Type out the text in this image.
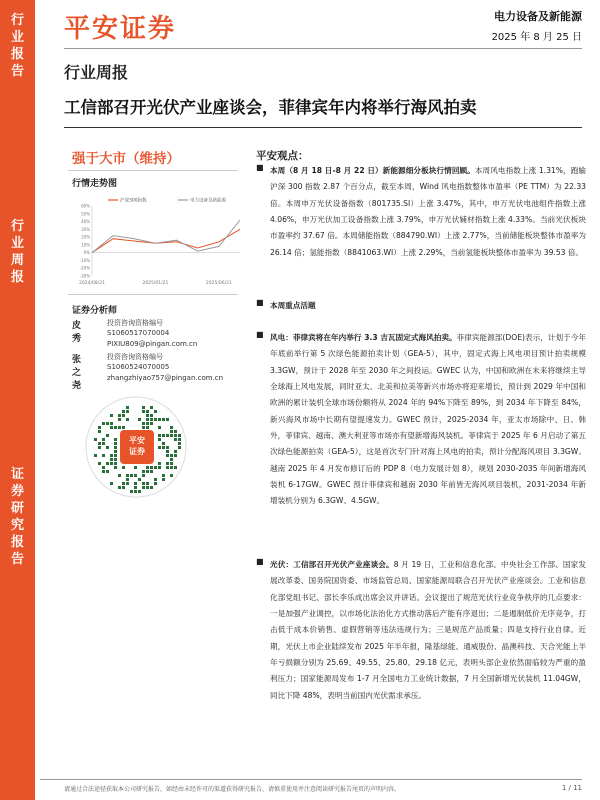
行
业
报
告
行
业
周
报
证
券
研
究
报
告
平安证券	电力设备及新能源
2025 年 8 月 25 日
行业周报
工信部召开光伏产业座谈会，菲律宾年内将举行海风拍卖
强于大市（维持）
行情走势图
60%
50%
40%
30%
20%
10%
0%
-10%
-20%
-30%
2024/08/21	2025/01/21	2025/06/21
沪深300指数	电力设备及新能源
证券分析师
皮秀
投资咨询资格编号
S1060517070004
PIXIU809@pingan.com.cn
张之尧
投资咨询资格编号
S1060524070005
zhangzhiyao757@pingan.com.cn
平安
证券
平安观点：
■ 本周（8 月 18 日-8 月 22 日）新能源细分板块行情回顾。本周风电指数上涨 1.31%，跑输沪深 300 指数 2.87 个百分点，截至本周，Wind 风电指数整体市盈率（PE TTM）为 22.33 倍。本周申万光伏设备指数（801735.SI）上涨 3.47%，其中，申万光伏电池组件指数上涨 4.06%，申万光伏加工设备指数上涨 3.79%，申万光伏辅材指数上涨 4.33%。当前光伏板块市盈率约 37.67 倍。本周储能指数（884790.WI）上涨 2.77%，当前储能板块整体市盈率为 26.14 倍；氢能指数（8841063.WI）上涨 2.29%，当前氢能板块整体市盈率为 39.53 倍。
■ 本周重点活题
■ 风电：菲律宾将在年内举行 3.3 吉瓦固定式海风拍卖。菲律宾能源部(DOE)表示，计划于今年年底前举行第 5 次绿色能源拍卖计划（GEA-5），其中，固定式海上风电项目预计拍卖规模 3.3GW，预计于 2028 年至 2030 年之间投运。GWEC 认为，中国和欧洲在未来将继续主导全球海上风电发展，同时亚太、北美和拉美等新兴市场亦将迎来增长，预计到 2029 年中国和欧洲的累计装机全球市场份额将从 2024 年的 94%下降至 89%，到 2034 年下降至 84%，新兴海风市场中长期有望提速发力。GWEC 预计，2025-2034 年，亚太市场除中、日、韩外，菲律宾、越南、澳大利亚等市场亦有望新增海风装机。菲律宾于 2025 年 6 月启动了第五次绿色能源拍卖（GEA-5），这是首次专门针对海上风电的拍卖，预计分配海风项目 3.3GW。越南 2025 年 4 月发布修订后的 PDP 8（电力发展计划 8），规划 2030-2035 年间新增海风装机 6-17GW。GWEC 预计菲律宾和越南 2030 年前皆无海风项目装机，2031-2034 年新增装机分别为 6.3GW、4.5GW。
■ 光伏：工信部召开光伏产业座谈会。8 月 19 日，工业和信息化部、中央社会工作部、国家发展改革委、国务院国资委、市场监管总局、国家能源局联合召开光伏产业座谈会。工业和信息化部党组书记、部长李乐成出席会议并讲话。会议提出了规范光伏行业竞争秩序的几点要求：一是加强产业调控，以市场化法治化方式推动落后产能有序退出；二是遏制低价无序竞争，打击低于成本价销售、虚假营销等违法违规行为；三是规范产品质量；四是支持行业自律。近期，光伏上市企业陆续发布 2025 年半年报，隆基绿能、通威股份、晶澳科技、天合光能上半年亏损额分别为 25.69、49.55、25.80、29.18 亿元，表明头部企业依然面临较为严重的盈利压力；国家能源局发布 1-7 月全国电力工业统计数据，7 月全国新增光伏装机 11.04GW，同比下降 48%，表明当前国内光伏需求承压。
请通过合法途径获取本公司研究报告，如经由未经许可的渠道获得研究报告，请慎重使用并注意阅读研究报告尾页的声明内容。	1 / 11
